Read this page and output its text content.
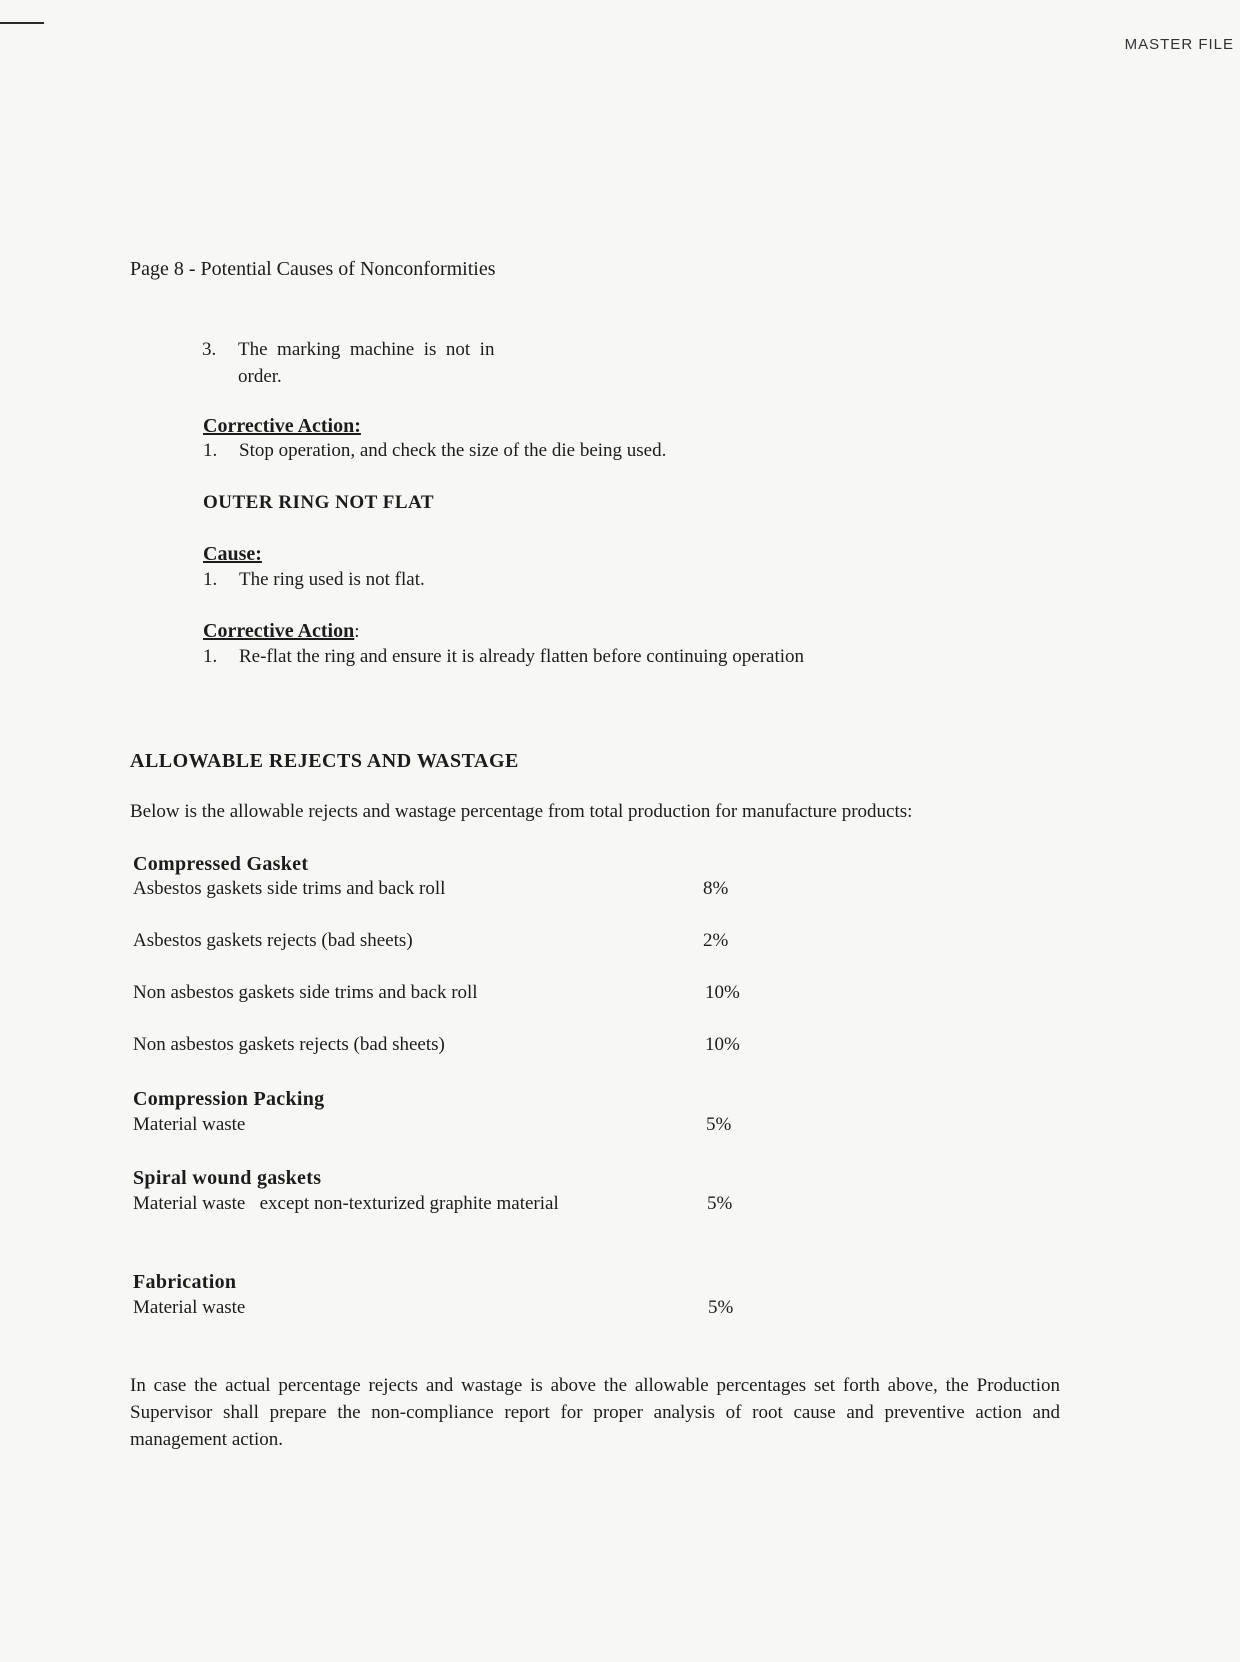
MASTER FILE
Page 8 - Potential Causes of Nonconformities
3. The  marking  machine  is  not  in
order.
Corrective Action:
1. Stop operation, and check the size of the die being used.
OUTER RING NOT FLAT
Cause:
1. The ring used is not flat.
Corrective Action:
1. Re-flat the ring and ensure it is already flatten before continuing operation
ALLOWABLE REJECTS AND WASTAGE
Below is the allowable rejects and wastage percentage from total production for manufacture products:
Compressed Gasket
Asbestos gaskets side trims and back roll	8%
Asbestos gaskets rejects (bad sheets)	2%
Non asbestos gaskets side trims and back roll	10%
Non asbestos gaskets rejects (bad sheets)	10%
Compression Packing
Material waste	5%
Spiral wound gaskets
Material waste   except non-texturized graphite material	5%
Fabrication
Material waste	5%
In case the actual percentage rejects and wastage is above the allowable percentages set forth above, the Production Supervisor shall prepare the non-compliance report for proper analysis of root cause and preventive action and management action.
